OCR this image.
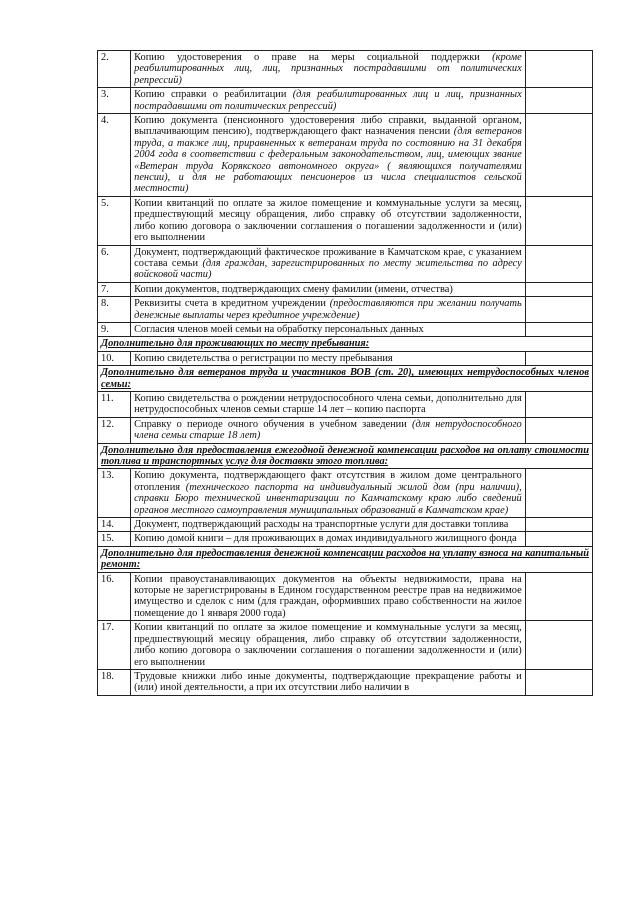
2.	Копию удостоверения о праве на меры социальной поддержки (кроме реабилитированных лиц, лиц, признанных пострадавшими от политических репрессий)	
3.	Копию справки о реабилитации (для реабилитированных лиц и лиц, признанных пострадавшими от политических репрессий)	
4.	Копию документа (пенсионного удостоверения либо справки, выданной органом, выплачивающим пенсию), подтверждающего факт назначения пенсии (для ветеранов труда, а также лиц, приравненных к ветеранам труда по состоянию на 31 декабря 2004 года в соответствии с федеральным законодательством, лиц, имеющих звание «Ветеран труда Корякского автономного округа» ( являющихся получателями пенсии), и для не работающих пенсионеров из числа специалистов сельской местности)	
5.	Копии квитанций по оплате за жилое помещение и коммунальные услуги за месяц, предшествующий месяцу обращения, либо справку об отсутствии задолженности, либо копию договора о заключении соглашения о погашении задолженности и (или) его выполнении	
6.	Документ, подтверждающий фактическое проживание в Камчатском крае, с указанием состава семьи (для граждан, зарегистрированных по месту жительства по адресу войсковой части)	
7.	Копии документов, подтверждающих смену фамилии (имени, отчества)	
8.	Реквизиты счета в кредитном учреждении (предоставляются при желании получать денежные выплаты через кредитное учреждение)	
9.	Согласия членов моей семьи на обработку персональных данных	
Дополнительно для проживающих по месту пребывания:		
10.	Копию свидетельства о регистрации по месту пребывания	
Дополнительно для ветеранов труда и участников ВОВ (ст. 20), имеющих нетрудоспособных членов семьи:		
11.	Копию свидетельства о рождении нетрудоспособного члена семьи, дополнительно для нетрудоспособных членов семьи старше 14 лет – копию паспорта	
12.	Справку о периоде очного обучения в учебном заведении (для нетрудоспособного члена семьи старше 18 лет)	
Дополнительно для предоставления ежегодной денежной компенсации расходов на оплату стоимости топлива и транспортных услуг для доставки этого топлива:		
13.	Копию документа, подтверждающего факт отсутствия в жилом доме центрального отопления (технического паспорта на индивидуальный жилой дом (при наличии), справки Бюро технической инвентаризации по Камчатскому краю либо сведений органов местного самоуправления муниципальных образований в Камчатском крае)	
14.	Документ, подтверждающий расходы на транспортные услуги для доставки топлива	
15.	Копию домой книги – для проживающих в домах индивидуального жилищного фонда	
Дополнительно для предоставления денежной компенсации расходов на уплату взноса на капитальный ремонт:		
16.	Копии правоустанавливающих документов на объекты недвижимости, права на которые не зарегистрированы в Едином государственном реестре прав на недвижимое имущество и сделок с ним (для граждан, оформивших право собственности на жилое помещение до 1 января 2000 года)	
17.	Копии квитанций по оплате за жилое помещение и коммунальные услуги за месяц, предшествующий месяцу обращения, либо справку об отсутствии задолженности, либо копию договора о заключении соглашения о погашении задолженности и (или) его выполнении	
18.	Трудовые книжки либо иные документы, подтверждающие прекращение работы и (или) иной деятельности, а при их отсутствии либо наличии в	
